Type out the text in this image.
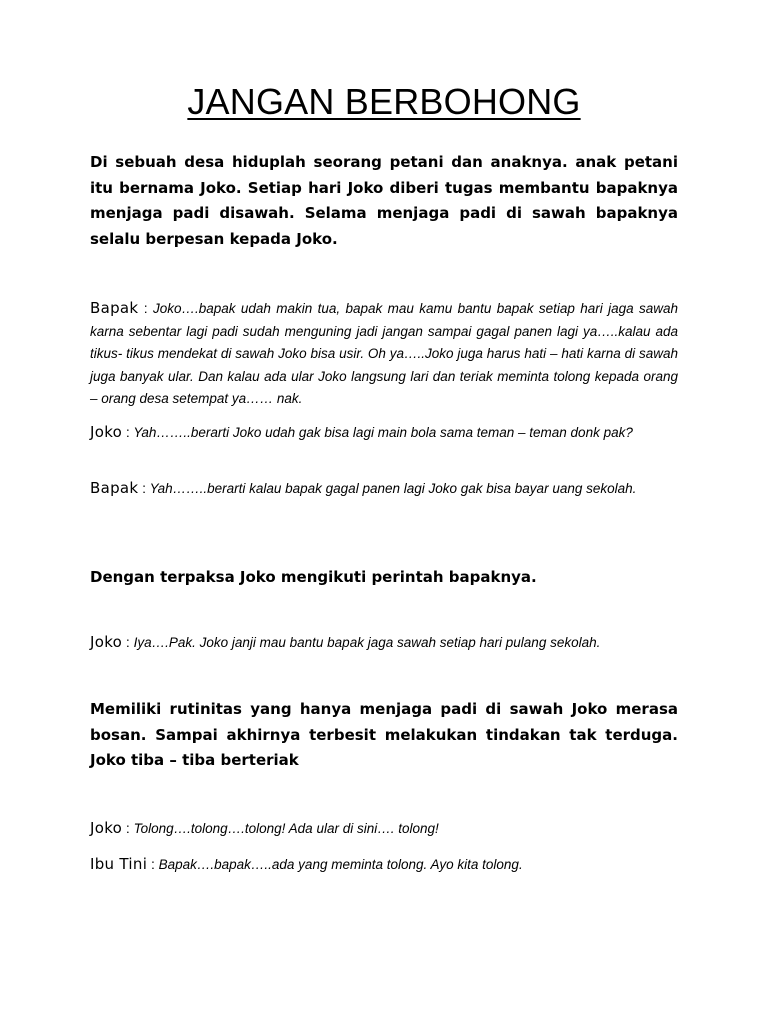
JANGAN BERBOHONG

Di sebuah desa hiduplah seorang petani dan anaknya. anak petani itu bernama Joko. Setiap hari Joko diberi tugas membantu bapaknya menjaga padi disawah. Selama menjaga padi di sawah bapaknya selalu berpesan kepada Joko.

Bapak : Joko….bapak udah makin tua, bapak mau kamu bantu bapak setiap hari jaga sawah karna sebentar lagi padi sudah menguning jadi jangan sampai gagal panen lagi ya…..kalau ada tikus- tikus mendekat di sawah Joko bisa usir. Oh ya…..Joko juga harus hati – hati karna di sawah juga banyak ular. Dan kalau ada ular Joko langsung lari dan teriak meminta tolong kepada orang – orang desa setempat ya…… nak.

Joko : Yah……..berarti Joko udah gak bisa lagi main bola sama teman – teman donk pak?

Bapak : Yah……..berarti kalau bapak gagal panen lagi Joko gak bisa bayar uang sekolah.

Dengan terpaksa Joko mengikuti perintah bapaknya.

Joko : Iya….Pak. Joko janji mau bantu bapak jaga sawah setiap hari pulang sekolah.

Memiliki rutinitas yang hanya menjaga padi di sawah Joko merasa bosan. Sampai akhirnya terbesit melakukan tindakan tak terduga. Joko tiba – tiba berteriak

Joko : Tolong….tolong….tolong! Ada ular di sini…. tolong!

Ibu Tini : Bapak….bapak…..ada yang meminta tolong. Ayo kita tolong.
